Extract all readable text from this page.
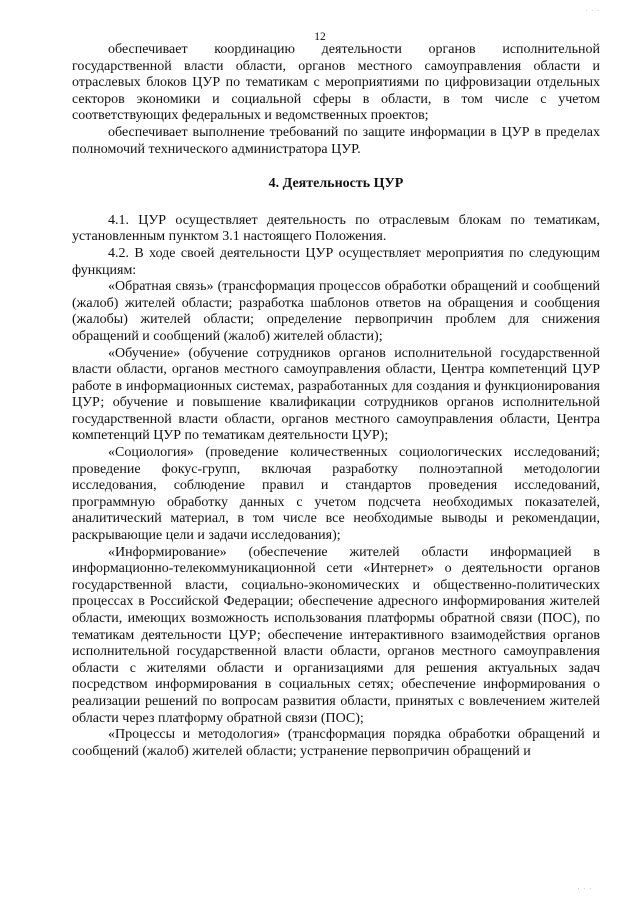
· · ·
12

обеспечивает координацию деятельности органов исполнительной государственной власти области, органов местного самоуправления области и отраслевых блоков ЦУР по тематикам с мероприятиями по цифровизации отдельных секторов экономики и социальной сферы в области, в том числе с учетом соответствующих федеральных и ведомственных проектов;

обеспечивает выполнение требований по защите информации в ЦУР в пределах полномочий технического администратора ЦУР.

4. Деятельность ЦУР

4.1. ЦУР осуществляет деятельность по отраслевым блокам по тематикам, установленным пунктом 3.1 настоящего Положения.

4.2. В ходе своей деятельности ЦУР осуществляет мероприятия по следующим функциям:

«Обратная связь» (трансформация процессов обработки обращений и сообщений (жалоб) жителей области; разработка шаблонов ответов на обращения и сообщения (жалобы) жителей области; определение первопричин проблем для снижения обращений и сообщений (жалоб) жителей области);

«Обучение» (обучение сотрудников органов исполнительной государственной власти области, органов местного самоуправления области, Центра компетенций ЦУР работе в информационных системах, разработанных для создания и функционирования ЦУР; обучение и повышение квалификации сотрудников органов исполнительной государственной власти области, органов местного самоуправления области, Центра компетенций ЦУР по тематикам деятельности ЦУР);

«Социология» (проведение количественных социологических исследований; проведение фокус-групп, включая разработку полноэтапной методологии исследования, соблюдение правил и стандартов проведения исследований, программную обработку данных с учетом подсчета необходимых показателей, аналитический материал, в том числе все необходимые выводы и рекомендации, раскрывающие цели и задачи исследования);

«Информирование» (обеспечение жителей области информацией в информационно-телекоммуникационной сети «Интернет» о деятельности органов государственной власти, социально-экономических и общественно-политических процессах в Российской Федерации; обеспечение адресного информирования жителей области, имеющих возможность использования платформы обратной связи (ПОС), по тематикам деятельности ЦУР; обеспечение интерактивного взаимодействия органов исполнительной государственной власти области, органов местного самоуправления области с жителями области и организациями для решения актуальных задач посредством информирования в социальных сетях; обеспечение информирования о реализации решений по вопросам развития области, принятых с вовлечением жителей области через платформу обратной связи (ПОС);

«Процессы и методология» (трансформация порядка обработки обращений и сообщений (жалоб) жителей области; устранение первопричин обращений и

· · ·
